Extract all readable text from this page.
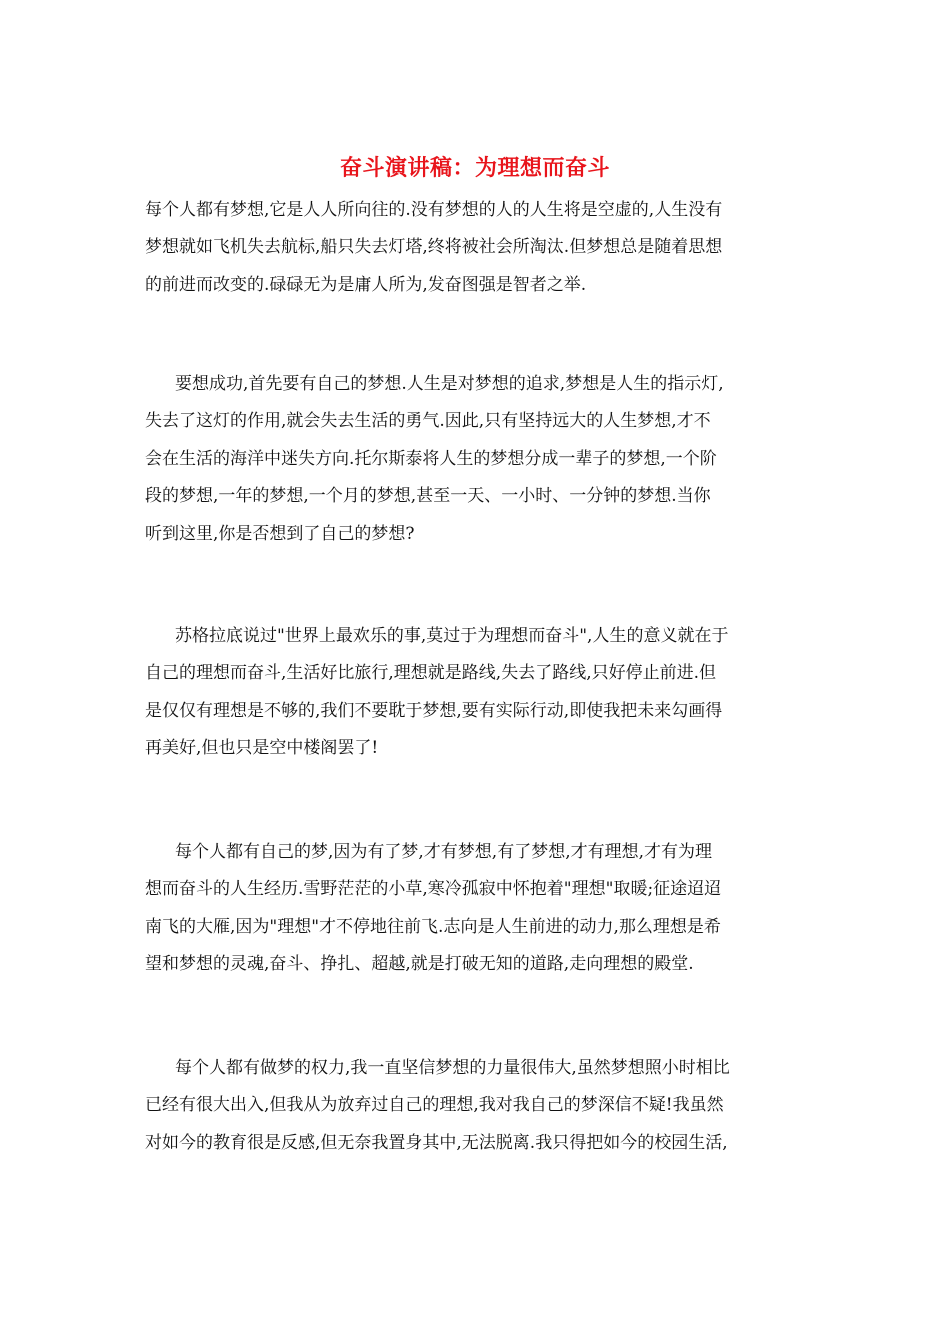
奋斗演讲稿：为理想而奋斗
每个人都有梦想,它是人人所向往的.没有梦想的人的人生将是空虚的,人生没有
梦想就如飞机失去航标,船只失去灯塔,终将被社会所淘汰.但梦想总是随着思想
的前进而改变的.碌碌无为是庸人所为,发奋图强是智者之举.
要想成功,首先要有自己的梦想.人生是对梦想的追求,梦想是人生的指示灯,
失去了这灯的作用,就会失去生活的勇气.因此,只有坚持远大的人生梦想,才不
会在生活的海洋中迷失方向.托尔斯泰将人生的梦想分成一辈子的梦想,一个阶
段的梦想,一年的梦想,一个月的梦想,甚至一天、一小时、一分钟的梦想.当你
听到这里,你是否想到了自己的梦想?
苏格拉底说过"世界上最欢乐的事,莫过于为理想而奋斗",人生的意义就在于
自己的理想而奋斗,生活好比旅行,理想就是路线,失去了路线,只好停止前进.但
是仅仅有理想是不够的,我们不要耽于梦想,要有实际行动,即使我把未来勾画得
再美好,但也只是空中楼阁罢了!
每个人都有自己的梦,因为有了梦,才有梦想,有了梦想,才有理想,才有为理
想而奋斗的人生经历.雪野茫茫的小草,寒冷孤寂中怀抱着"理想"取暖;征途迢迢
南飞的大雁,因为"理想"才不停地往前飞.志向是人生前进的动力,那么理想是希
望和梦想的灵魂,奋斗、挣扎、超越,就是打破无知的道路,走向理想的殿堂.
每个人都有做梦的权力,我一直坚信梦想的力量很伟大,虽然梦想照小时相比
已经有很大出入,但我从为放弃过自己的理想,我对我自己的梦深信不疑!我虽然
对如今的教育很是反感,但无奈我置身其中,无法脱离.我只得把如今的校园生活,
